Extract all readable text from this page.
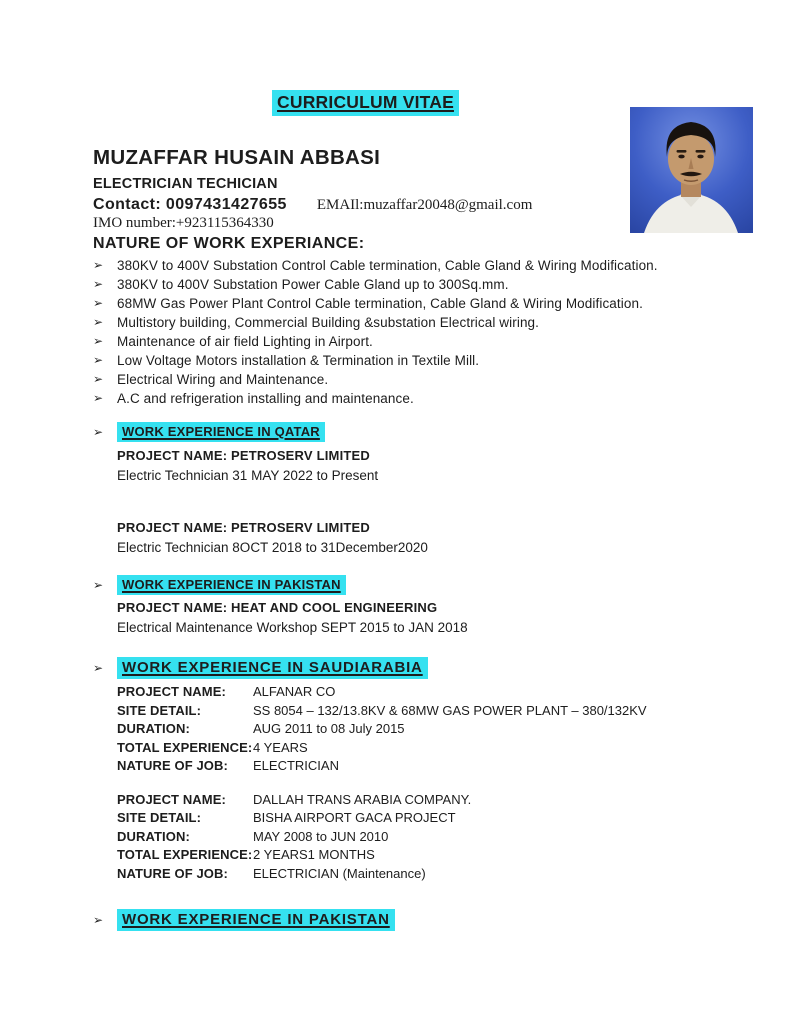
CURRICULUM VITAE
MUZAFFAR HUSAIN ABBASI
ELECTRICIAN TECHICIAN
Contact: 0097431427655 EMAIl:muzaffar20048@gmail.com
IMO number:+923115364330
NATURE OF WORK EXPERIANCE:
➢	380KV to 400V Substation Control Cable termination, Cable Gland & Wiring Modification.
➢	380KV to 400V Substation Power Cable Gland up to 300Sq.mm.
➢	68MW Gas Power Plant Control Cable termination, Cable Gland & Wiring Modification.
➢	Multistory building, Commercial Building &substation Electrical wiring.
➢	Maintenance of air field Lighting in Airport.
➢	Low Voltage Motors installation & Termination in Textile Mill.
➢	Electrical Wiring and Maintenance.
➢	A.C and refrigeration installing and maintenance.
➢	WORK EXPERIENCE IN QATAR
PROJECT NAME: PETROSERV LIMITED
Electric Technician 31 MAY 2022 to Present
PROJECT NAME: PETROSERV LIMITED
Electric Technician 8OCT 2018 to 31December2020
➢	WORK EXPERIENCE IN PAKISTAN
PROJECT NAME: HEAT AND COOL ENGINEERING
Electrical Maintenance Workshop SEPT 2015 to JAN 2018
➢	WORK EXPERIENCE IN SAUDIARABIA
PROJECT NAME:	ALFANAR CO
SITE DETAIL:	SS 8054 – 132/13.8KV & 68MW GAS POWER PLANT – 380/132KV
DURATION:	AUG 2011 to 08 July 2015
TOTAL EXPERIENCE: 4 YEARS
NATURE OF JOB:	ELECTRICIAN
PROJECT NAME:	DALLAH TRANS ARABIA COMPANY.
SITE DETAIL:	BISHA AIRPORT GACA PROJECT
DURATION:	MAY 2008 to JUN 2010
TOTAL EXPERIENCE: 2 YEARS1 MONTHS
NATURE OF JOB:	ELECTRICIAN (Maintenance)
➢	WORK EXPERIENCE IN PAKISTAN
